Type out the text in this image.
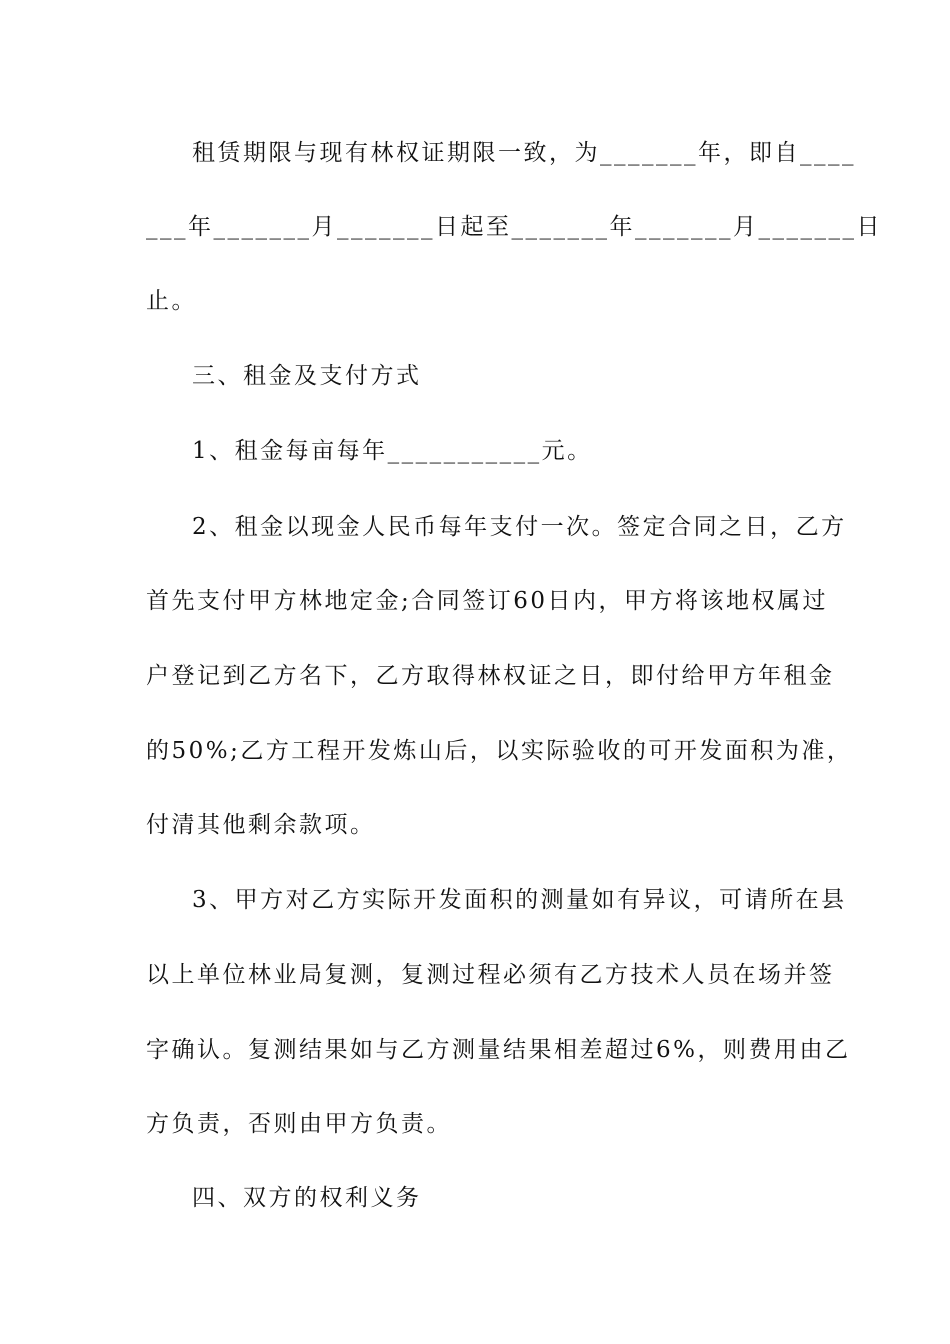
租赁期限与现有林权证期限一致，为_______年，即自____
___年_______月_______日起至_______年_______月_______日
止。
三、租金及支付方式
1、租金每亩每年___________元。
2、租金以现金人民币每年支付一次。签定合同之日，乙方
首先支付甲方林地定金;合同签订60日内，甲方将该地权属过
户登记到乙方名下，乙方取得林权证之日，即付给甲方年租金
的50%;乙方工程开发炼山后，以实际验收的可开发面积为准，
付清其他剩余款项。
3、甲方对乙方实际开发面积的测量如有异议，可请所在县
以上单位林业局复测，复测过程必须有乙方技术人员在场并签
字确认。复测结果如与乙方测量结果相差超过6%，则费用由乙
方负责，否则由甲方负责。
四、双方的权利义务
